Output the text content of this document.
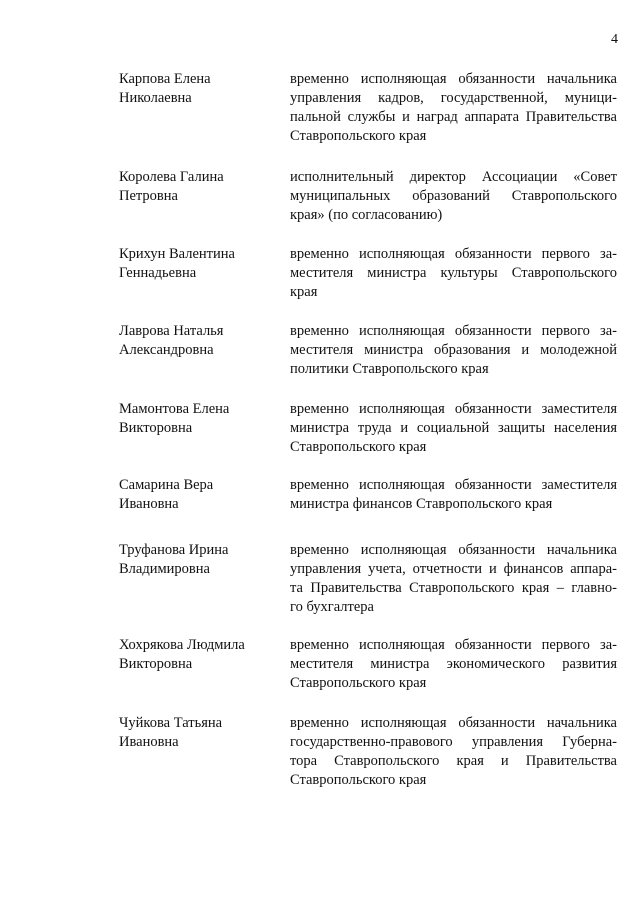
4
Карпова Елена
Николаевна
временно исполняющая обязанности начальника
управления кадров, государственной, муници-
пальной службы и наград аппарата Правительства
Ставропольского края
Королева Галина
Петровна
исполнительный директор Ассоциации «Совет
муниципальных образований Ставропольского
края» (по согласованию)
Крихун Валентина
Геннадьевна
временно исполняющая обязанности первого за-
местителя министра культуры Ставропольского
края
Лаврова Наталья
Александровна
временно исполняющая обязанности первого за-
местителя министра образования и молодежной
политики Ставропольского края
Мамонтова Елена
Викторовна
временно исполняющая обязанности заместителя
министра труда и социальной защиты населения
Ставропольского края
Самарина Вера
Ивановна
временно исполняющая обязанности заместителя
министра финансов Ставропольского края
Труфанова Ирина
Владимировна
временно исполняющая обязанности начальника
управления учета, отчетности и финансов аппара-
та Правительства Ставропольского края – главно-
го бухгалтера
Хохрякова Людмила
Викторовна
временно исполняющая обязанности первого за-
местителя министра экономического развития
Ставропольского края
Чуйкова Татьяна
Ивановна
временно исполняющая обязанности начальника
государственно-правового управления Губерна-
тора Ставропольского края и Правительства
Ставропольского края
